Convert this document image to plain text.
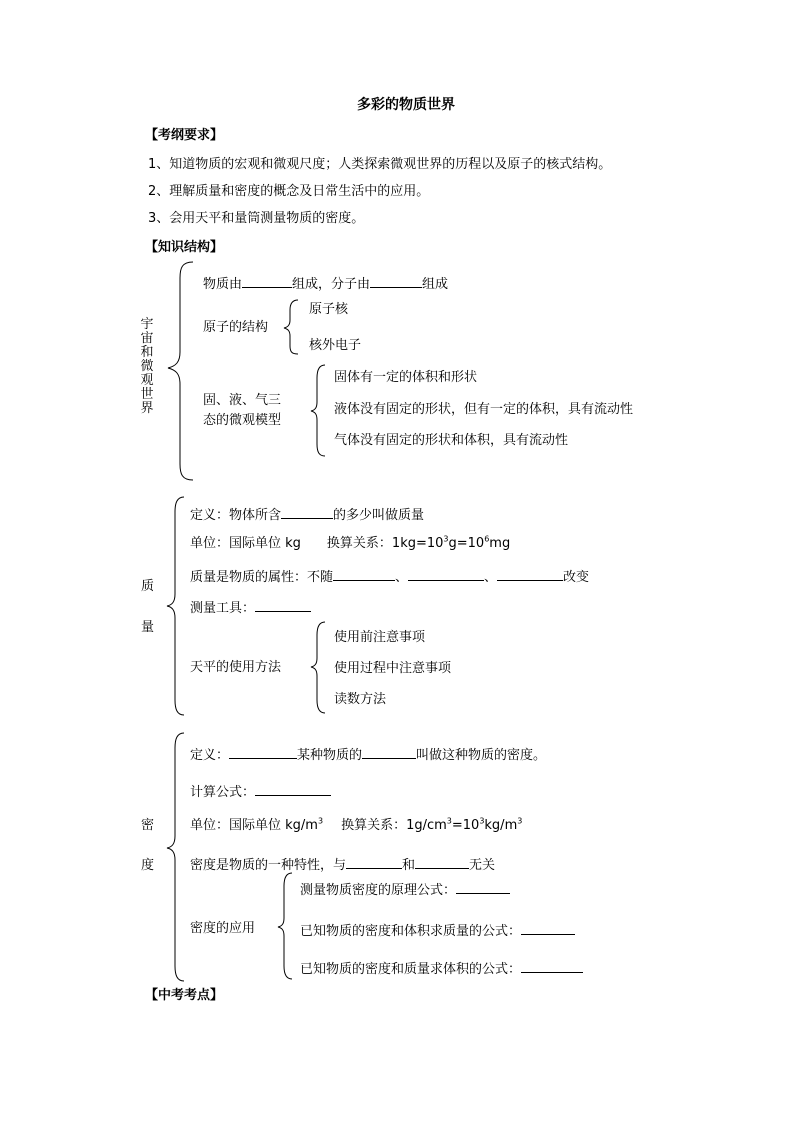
多彩的物质世界
【考纲要求】
1、知道物质的宏观和微观尺度；人类探索微观世界的历程以及原子的核式结构。
2、理解质量和密度的概念及日常生活中的应用。
3、会用天平和量筒测量物质的密度。
【知识结构】
宇宙和微观世界
物质由	组成，分子由	组成
原子的结构
原子核
核外电子
固、液、气三
态的微观模型
固体有一定的体积和形状
液体没有固定的形状，但有一定的体积，具有流动性
气体没有固定的形状和体积，具有流动性
质
量
定义：物体所含	的多少叫做质量
单位：国际单位 kg 换算关系：$1kg=10^3g=10^6mg$
质量是物质的属性：不随	、	、	改变
测量工具：
天平的使用方法
使用前注意事项
使用过程中注意事项
读数方法
密
度
定义：	某种物质的	叫做这种物质的密度。
计算公式：
单位：国际单位 $kg/m^3$ 换算关系：$1g/cm^3=10^3kg/m^3$
密度是物质的一种特性，与	和	无关
密度的应用
测量物质密度的原理公式：
已知物质的密度和体积求质量的公式：
已知物质的密度和质量求体积的公式：
【中考考点】
